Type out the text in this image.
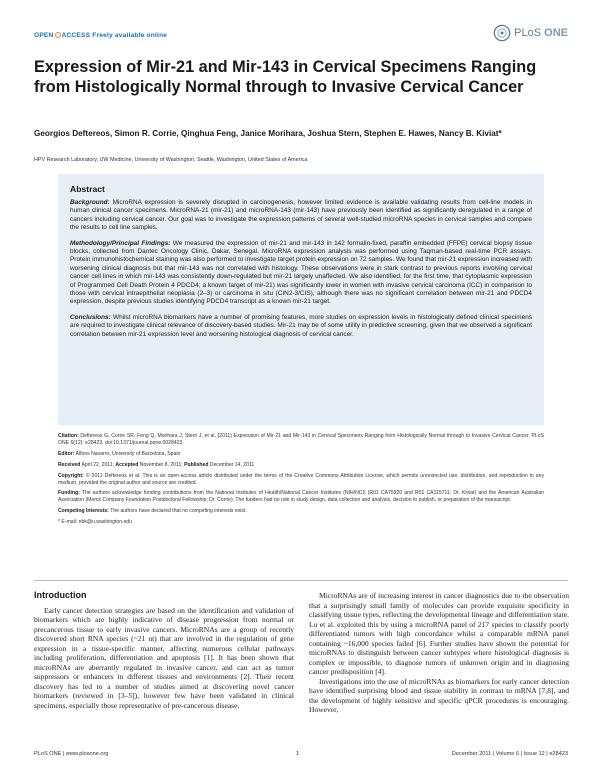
OPEN ACCESS Freely available online	PLoS ONE
Expression of Mir-21 and Mir-143 in Cervical Specimens Ranging from Histologically Normal through to Invasive Cervical Cancer
Georgios Deftereos, Simon R. Corrie, Qinghua Feng, Janice Morihara, Joshua Stern, Stephen E. Hawes, Nancy B. Kiviat*
HPV Research Laboratory, UW Medicine, University of Washington, Seattle, Washington, United States of America
Abstract

Background: MicroRNA expression is severely disrupted in carcinogenesis, however limited evidence is available validating results from cell-line models in human clinical cancer specimens. MicroRNA-21 (mir-21) and microRNA-143 (mir-143) have previously been identified as significantly deregulated in a range of cancers including cervical cancer. Our goal was to investigate the expression patterns of several well-studied microRNA species in cervical samples and compare the results to cell line samples.

Methodology/Principal Findings: We measured the expression of mir-21 and mir-143 in 142 formalin-fixed, paraffin embedded (FFPE) cervical biopsy tissue blocks, collected from Dantec Oncology Clinic, Dakar, Senegal. MicroRNA expression analysis was performed using Taqman-based real-time PCR assays. Protein immunohistochemical staining was also performed to investigate target protein expression on 72 samples. We found that mir-21 expression increased with worsening clinical diagnosis but that mir-143 was not correlated with histology. These observations were in stark contrast to previous reports involving cervical cancer cell lines in which mir-143 was consistently down-regulated but mir-21 largely unaffected. We also identified, for the first time, that cytoplasmic expression of Programmed Cell Death Protein 4 PDCD4; a known target of mir-21) was significantly lower in women with invasive cervical carcinoma (ICC) in comparison to those with cervical intraepithelial neoplasia (2–3) or carcinoma in situ (CIN2-3/CIS), although there was no significant correlation between mir-21 and PDCD4 expression, despite previous studies identifying PDCD4 transcript as a known mir-21 target.

Conclusions: Whilst microRNA biomarkers have a number of promising features, more studies on expression levels in histologically defined clinical specimens are required to investigate clinical relevance of discovery-based studies. Mir-21 may be of some utility in predictive screening, given that we observed a significant correlation between mir-21 expression level and worsening histological diagnosis of cervical cancer.

Citation: Deftereos G, Corrie SR, Feng Q, Morihara J, Stern J, et al. (2011) Expression of Mir-21 and Mir-143 in Cervical Specimens Ranging from Histologically Normal through to Invasive Cervical Cancer. PLoS ONE 6(12): e28423. doi:10.1371/journal.pone.0028423

Editor: Alfons Navarro, University of Barcelona, Spain

Received April 22, 2011; Accepted November 8, 2011; Published December 14, 2011

Copyright: © 2011 Deftereos et al. This is an open-access article distributed under the terms of the Creative Commons Attribution License, which permits unrestricted use, distribution, and reproduction in any medium, provided the original author and source are credited.

Funding: The authors acknowledge funding contributions from the National Institutes of Health/National Cancer Institutes (NIH/NCI) (R01 CA75920 and R01 CA115711; Dr. Kiviat) and the American Australian Association (Merck Company Foundation Postdoctoral Fellowship; Dr. Corrie). The funders had no role in study design, data collection and analysis, decision to publish, or preparation of the manuscript.

Competing Interests: The authors have declared that no competing interests exist.

* E-mail: nbk@u.washington.edu

Introduction

Early cancer detection strategies are based on the identification and validation of biomarkers which are highly indicative of disease progression from normal or precancerous tissue to early invasive cancers. MicroRNAs are a group of recently discovered short RNA species (~21 nt) that are involved in the regulation of gene expression in a tissue-specific manner, affecting numerous cellular pathways including proliferation, differentiation and apoptosis [1]. It has been shown that microRNAs are aberrantly regulated in invasive cancer, and can act as tumor suppressors or enhancers in different tissues and environments [2]. Their recent discovery has led to a number of studies aimed at discovering novel cancer biomarkers (reviewed in [3–5]), however few have been validated in clinical specimens, especially those representative of pre-cancerous disease.

MicroRNAs are of increasing interest in cancer diagnostics due to the observation that a surprisingly small family of molecules can provide exquisite specificity in classifying tissue types, reflecting the developmental lineage and differentiation state. Lu et al. exploited this by using a microRNA panel of 217 species to classify poorly differentiated tumors with high concordance whilst a comparable mRNA panel containing ~16,000 species failed [6]. Further studies have shown the potential for microRNAs to distinguish between cancer subtypes where histological diagnosis is complex or impossible, to diagnose tumors of unknown origin and in diagnosing cancer predisposition [4].

Investigations into the use of microRNAs as biomarkers for early cancer detection have identified surprising blood and tissue stability in contrast to mRNA [7,8], and the development of highly sensitive and specific qPCR procedures is encouraging. However,

PLoS ONE | www.plosone.org	1	December 2011 | Volume 6 | Issue 12 | e28423
